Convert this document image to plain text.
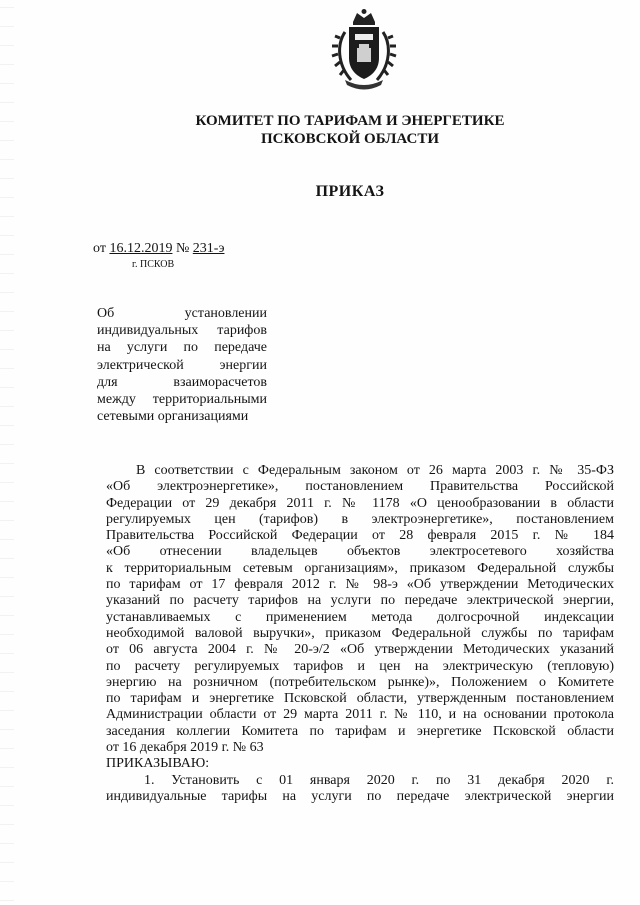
КОМИТЕТ ПО ТАРИФАМ И ЭНЕРГЕТИКЕ
ПСКОВСКОЙ ОБЛАСТИ
ПРИКАЗ
от 16.12.2019 № 231-э
г. ПСКОВ
Об установлении
индивидуальных тарифов
на услуги по передаче
электрической энергии
для взаиморасчетов
между территориальными
сетевыми организациями
В соответствии с Федеральным законом от 26 марта 2003 г. № 35-ФЗ
«Об электроэнергетике», постановлением Правительства Российской
Федерации от 29 декабря 2011 г. № 1178 «О ценообразовании в области
регулируемых цен (тарифов) в электроэнергетике», постановлением
Правительства Российской Федерации от 28 февраля 2015 г. № 184
«Об отнесении владельцев объектов электросетевого хозяйства
к территориальным сетевым организациям», приказом Федеральной службы
по тарифам от 17 февраля 2012 г. № 98-э «Об утверждении Методических
указаний по расчету тарифов на услуги по передаче электрической энергии,
устанавливаемых с применением метода долгосрочной индексации
необходимой валовой выручки», приказом Федеральной службы по тарифам
от 06 августа 2004 г. № 20-э/2 «Об утверждении Методических указаний
по расчету регулируемых тарифов и цен на электрическую (тепловую)
энергию на розничном (потребительском рынке)», Положением о Комитете
по тарифам и энергетике Псковской области, утвержденным постановлением
Администрации области от 29 марта 2011 г. № 110, и на основании протокола
заседания коллегии Комитета по тарифам и энергетике Псковской области
от 16 декабря 2019 г. № 63
ПРИКАЗЫВАЮ:
1. Установить с 01 января 2020 г. по 31 декабря 2020 г.
индивидуальные тарифы на услуги по передаче электрической энергии
